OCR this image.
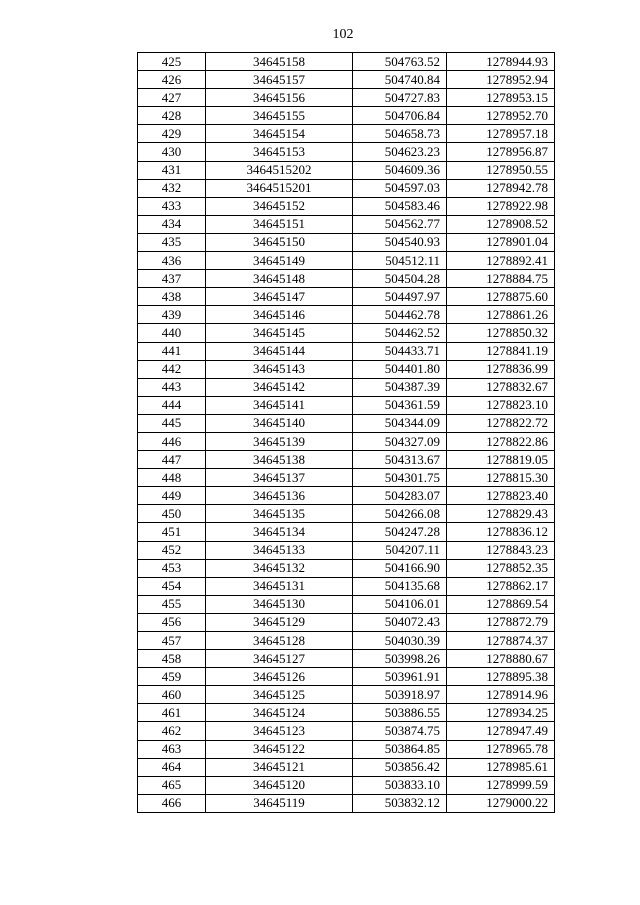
102
425	34645158	504763.52	1278944.93
426	34645157	504740.84	1278952.94
427	34645156	504727.83	1278953.15
428	34645155	504706.84	1278952.70
429	34645154	504658.73	1278957.18
430	34645153	504623.23	1278956.87
431	3464515202	504609.36	1278950.55
432	3464515201	504597.03	1278942.78
433	34645152	504583.46	1278922.98
434	34645151	504562.77	1278908.52
435	34645150	504540.93	1278901.04
436	34645149	504512.11	1278892.41
437	34645148	504504.28	1278884.75
438	34645147	504497.97	1278875.60
439	34645146	504462.78	1278861.26
440	34645145	504462.52	1278850.32
441	34645144	504433.71	1278841.19
442	34645143	504401.80	1278836.99
443	34645142	504387.39	1278832.67
444	34645141	504361.59	1278823.10
445	34645140	504344.09	1278822.72
446	34645139	504327.09	1278822.86
447	34645138	504313.67	1278819.05
448	34645137	504301.75	1278815.30
449	34645136	504283.07	1278823.40
450	34645135	504266.08	1278829.43
451	34645134	504247.28	1278836.12
452	34645133	504207.11	1278843.23
453	34645132	504166.90	1278852.35
454	34645131	504135.68	1278862.17
455	34645130	504106.01	1278869.54
456	34645129	504072.43	1278872.79
457	34645128	504030.39	1278874.37
458	34645127	503998.26	1278880.67
459	34645126	503961.91	1278895.38
460	34645125	503918.97	1278914.96
461	34645124	503886.55	1278934.25
462	34645123	503874.75	1278947.49
463	34645122	503864.85	1278965.78
464	34645121	503856.42	1278985.61
465	34645120	503833.10	1278999.59
466	34645119	503832.12	1279000.22
